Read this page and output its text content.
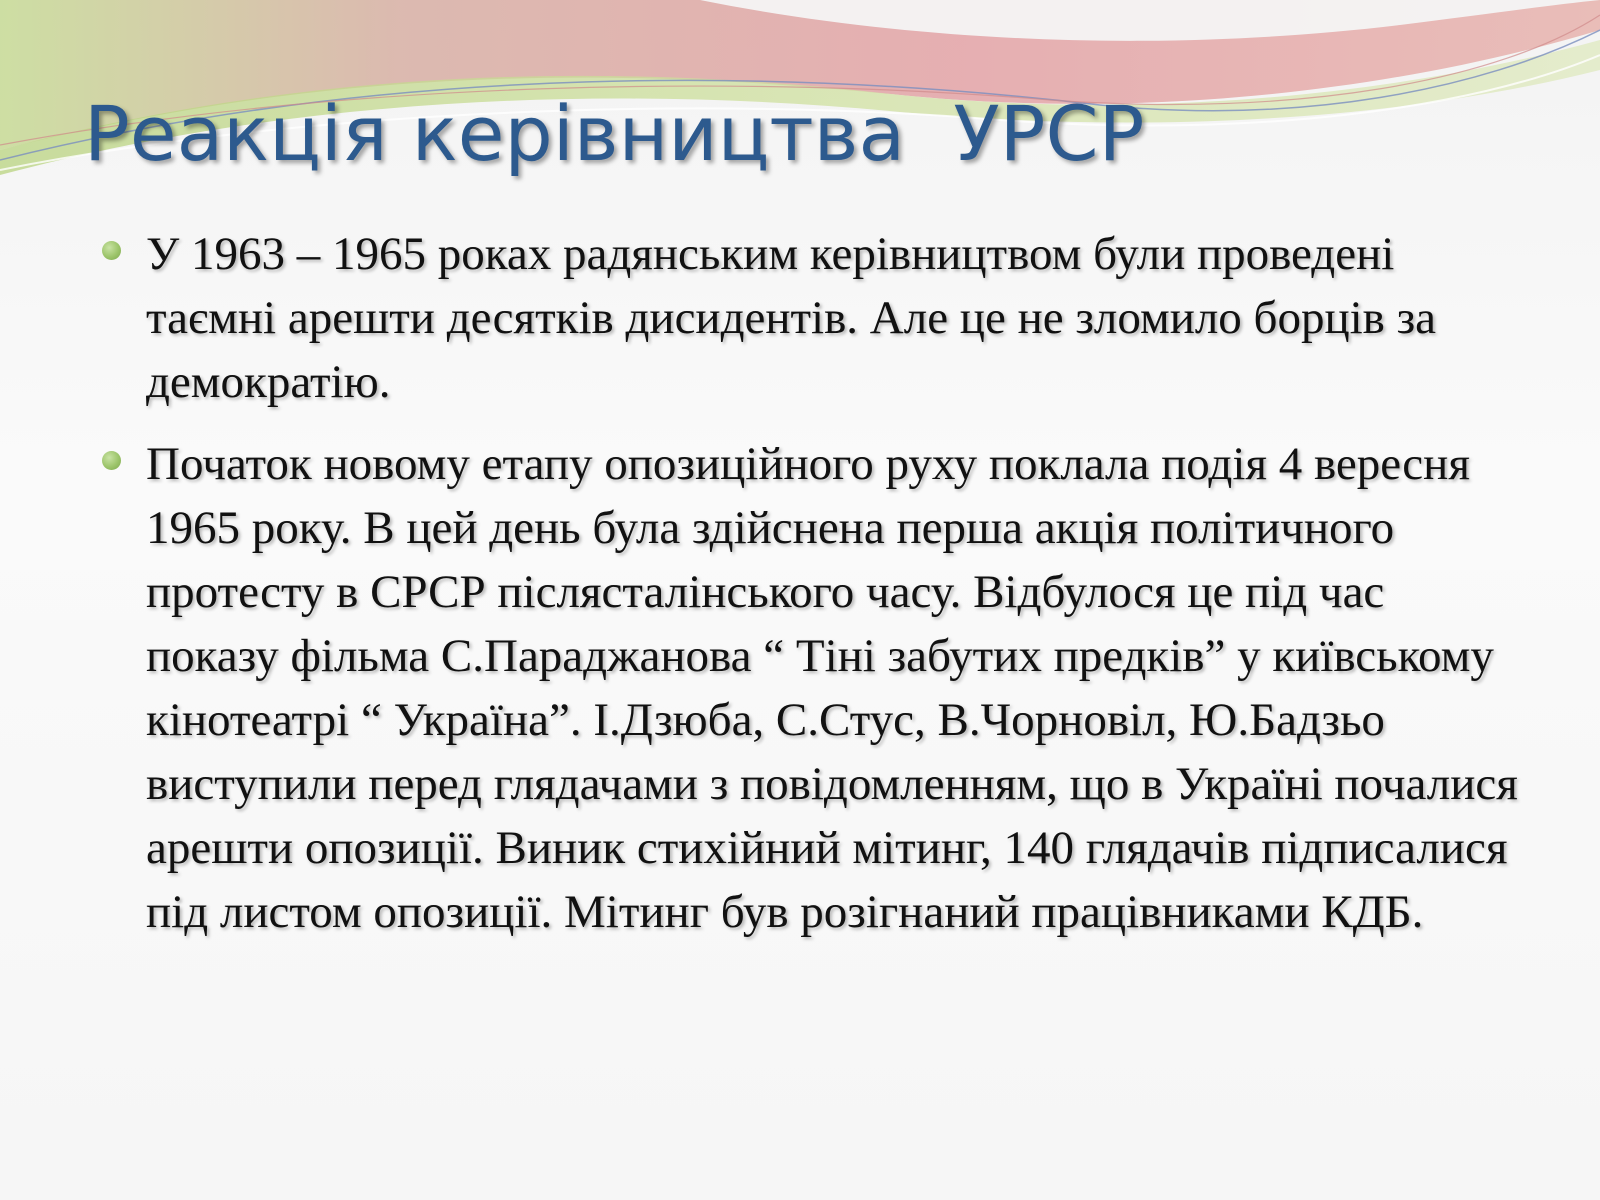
Реакція керівництва  УРСР
У 1963 – 1965 роках радянським керівництвом були проведені таємні арешти десятків дисидентів. Але це не зломило борців за демократію.
Початок новому етапу опозиційного руху поклала подія 4 вересня 1965 року. В цей день була здійснена перша акція політичного протесту в СРСР післясталінського часу. Відбулося це під час показу фільма С.Параджанова “ Тіні забутих предків” у київському кінотеатрі “ Україна”. І.Дзюба, С.Стус, В.Чорновіл, Ю.Бадзьо виступили перед глядачами з повідомленням, що в Україні почалися арешти опозиції. Виник стихійний мітинг, 140 глядачів підписалися під листом опозиції. Мітинг був розігнаний працівниками КДБ.
